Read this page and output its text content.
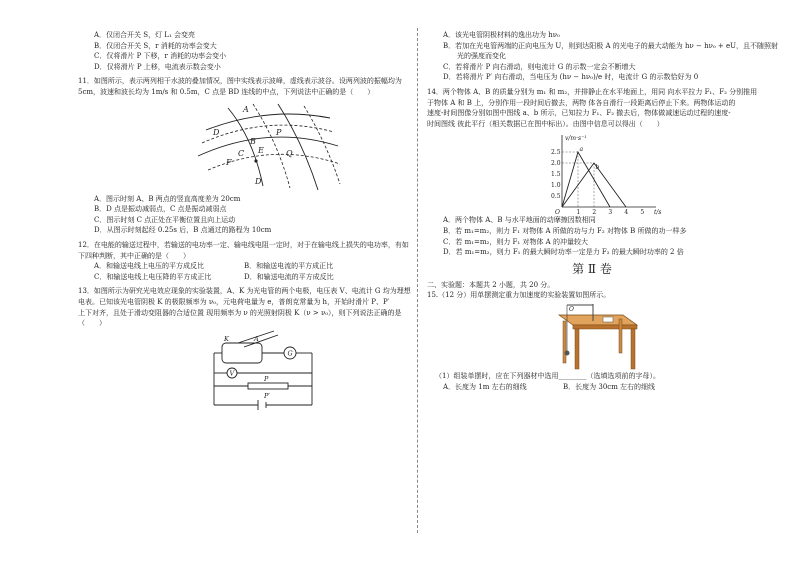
A．仅闭合开关 S，灯 L₁ 会变亮
B．仅闭合开关 S，r 消耗的功率会变大
C．仅将滑片 P 下移，r 消耗的功率会变小
D．仅将滑片 P 上移，电流表示数会变小
11．如图所示，表示两列相干水波的叠加情况，图中实线表示波峰，虚线表示波谷。设两列波的振幅均为
5cm，波速和波长均为 1m/s 和 0.5m，C 点是 BD 连线的中点，下列说法中正确的是（　　）
A
D	P
B
C	Q
E
F
D
A．图示时刻 A、B 两点的竖直高度差为 20cm
B．D 点是振动减弱点，C 点是振动减弱点
C．图示时刻 C 点正处在平衡位置且向上运动
D．从图示时刻起经 0.25s 后，B 点通过的路程为 10cm
12．在电能的输送过程中，若输送的电功率一定、输电线电阻一定时，对于在输电线上损失的电功率，有如
下四种判断，其中正确的是（　　）
A．和输送电线上电压的平方成反比	B．和输送电流的平方成正比
C．和输送电线上电压降的平方成正比	D．和输送电流的平方成反比
13．如图所示为研究光电效应现象的实验装置，A、K 为光电管的两个电极，电压表 V、电流计 G 均为理想
电表。已知该光电管阴极 K 的极限频率为 ν₀，元电荷电量为 e，普朗克常量为 h，开始时滑片 P、P′
上下对齐，且处于滑动变阻器的合适位置 现用频率为 ν 的光照射阴极 K（ν > ν₀），则下列说法正确的是
（　　）
K	A
G
V
P
P′
A．该光电管阴极材料的逸出功为 hν₀
B．若加在光电管两端的正向电压为 U，则到达阳极 A 的光电子的最大动能为 hν − hν₀ + eU，且不随照射
　　光的强度而变化
C．若将滑片 P 向右滑动，则电流计 G 的示数一定会不断增大
D．若将滑片 P′ 向右滑动，当电压为 (hν − hν₀)/e 时，电流计 G 的示数恰好为 0
14．两个物体 A、B 的质量分别为 m₁ 和 m₂，并排静止在水平地面上，用同 向水平拉力 F₁、F₂ 分别推用
于物体 A 和 B 上，分别作用一段时间后撤去，两物 体各自滑行一段距离后停止下来。两物体运动的
速度-时间图像分别如图中图线 a、b 所示，已知拉力 F₁、F₂ 撤去后，物体做减速运动过程的速度-
时间图线 彼此平行（相关数据已在图中标出）。由图中信息可以得出（　　）
a
b
1 2 3 4 5
0.5
1.0
1.5
2.0
2.5
v/m·s⁻¹
t/s
O
A．两个物体 A、B 与水平地面的动摩擦因数相同
B．若 m₁=m₂，则力 F₁ 对物体 A 所做的功与力 F₂ 对物体 B 所做的功一样多
C．若 m₁=m₂，则力 F₁ 对物体 A 的冲量较大
D．若 m₁=m₂，则力 F₁ 的最大瞬时功率一定是力 F₂ 的最大瞬时功率的 2 倍
第 Ⅱ 卷
二、实验题：本题共 2 小题，共 20 分。
15.（12 分）用单摆测定重力加速度的实验装置如图所示。
O
（1）组装单摆时，应在下列器材中选用________（选填选项前的字母）。
A．长度为 1m 左右的细线	B．长度为 30cm 左右的细线
